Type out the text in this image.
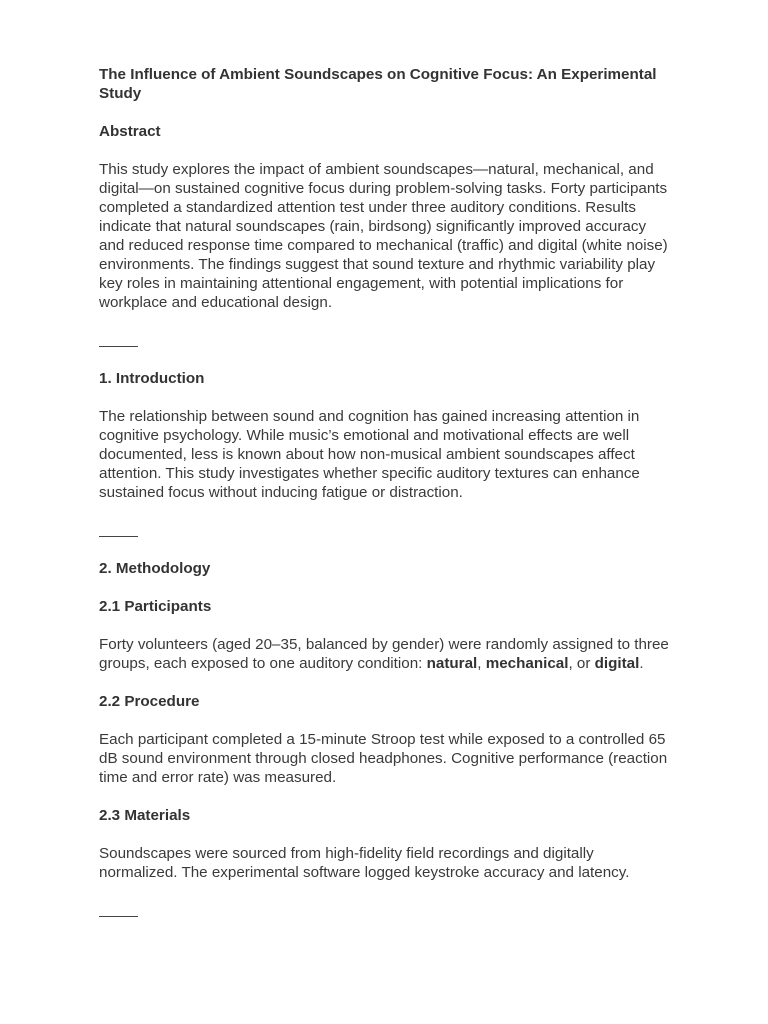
The Influence of Ambient Soundscapes on Cognitive Focus: An Experimental Study
Abstract

This study explores the impact of ambient soundscapes—natural, mechanical, and digital—on sustained cognitive focus during problem-solving tasks. Forty participants completed a standardized attention test under three auditory conditions. Results indicate that natural soundscapes (rain, birdsong) significantly improved accuracy and reduced response time compared to mechanical (traffic) and digital (white noise) environments. The findings suggest that sound texture and rhythmic variability play key roles in maintaining attentional engagement, with potential implications for workplace and educational design.

1. Introduction

The relationship between sound and cognition has gained increasing attention in cognitive psychology. While music’s emotional and motivational effects are well documented, less is known about how non-musical ambient soundscapes affect attention. This study investigates whether specific auditory textures can enhance sustained focus without inducing fatigue or distraction.

2. Methodology
2.1 Participants

Forty volunteers (aged 20–35, balanced by gender) were randomly assigned to three groups, each exposed to one auditory condition: natural, mechanical, or digital.

2.2 Procedure

Each participant completed a 15-minute Stroop test while exposed to a controlled 65 dB sound environment through closed headphones. Cognitive performance (reaction time and error rate) was measured.

2.3 Materials

Soundscapes were sourced from high-fidelity field recordings and digitally normalized. The experimental software logged keystroke accuracy and latency.
